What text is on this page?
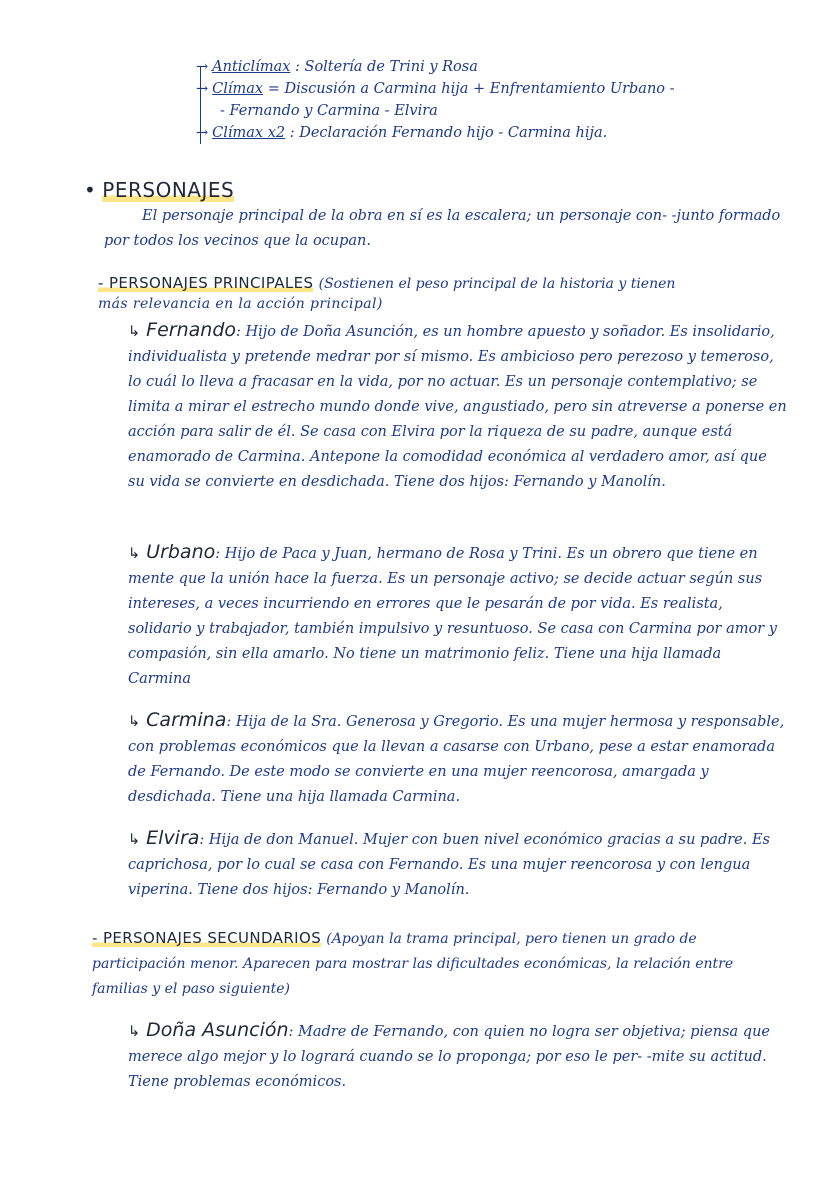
→ Anticlímax : Soltería de Trini y Rosa
→ Clímax = Discusión a Carmina hija + Enfrentamiento Urbano -
- Fernando y Carmina - Elvira
→ Clímax x2 : Declaración Fernando hijo - Carmina hija.
• PERSONAJES
El personaje principal de la obra en sí es la escalera; un personaje con- -junto formado por todos los vecinos que la ocupan.
- PERSONAJES PRINCIPALES (Sostienen el peso principal de la historia y tienen
más relevancia en la acción principal)
↳ Fernando: Hijo de Doña Asunción, es un hombre apuesto y soñador. Es insolidario, individualista y pretende medrar por sí mismo. Es ambicioso pero perezoso y temeroso, lo cuál lo lleva a fracasar en la vida, por no actuar. Es un personaje contemplativo; se limita a mirar el estrecho mundo donde vive, angustiado, pero sin atreverse a ponerse en acción para salir de él. Se casa con Elvira por la riqueza de su padre, aunque está enamorado de Carmina. Antepone la comodidad económica al verdadero amor, así que su vida se convierte en desdichada. Tiene dos hijos: Fernando y Manolín.
↳ Urbano: Hijo de Paca y Juan, hermano de Rosa y Trini. Es un obrero que tiene en mente que la unión hace la fuerza. Es un personaje activo; se decide actuar según sus intereses, a veces incurriendo en errores que le pesarán de por vida. Es realista, solidario y trabajador, también impulsivo y resuntuoso. Se casa con Carmina por amor y compasión, sin ella amarlo. No tiene un matrimonio feliz. Tiene una hija llamada Carmina
↳ Carmina: Hija de la Sra. Generosa y Gregorio. Es una mujer hermosa y responsable, con problemas económicos que la llevan a casarse con Urbano, pese a estar enamorada de Fernando. De este modo se convierte en una mujer reencorosa, amargada y desdichada. Tiene una hija llamada Carmina.
↳ Elvira: Hija de don Manuel. Mujer con buen nivel económico gracias a su padre. Es caprichosa, por lo cual se casa con Fernando. Es una mujer reencorosa y con lengua viperina. Tiene dos hijos: Fernando y Manolín.
- PERSONAJES SECUNDARIOS (Apoyan la trama principal, pero tienen un grado de participación menor. Aparecen para mostrar las dificultades económicas, la relación entre familias y el paso siguiente)
↳ Doña Asunción: Madre de Fernando, con quien no logra ser objetiva; piensa que merece algo mejor y lo logrará cuando se lo proponga; por eso le per- -mite su actitud. Tiene problemas económicos.
